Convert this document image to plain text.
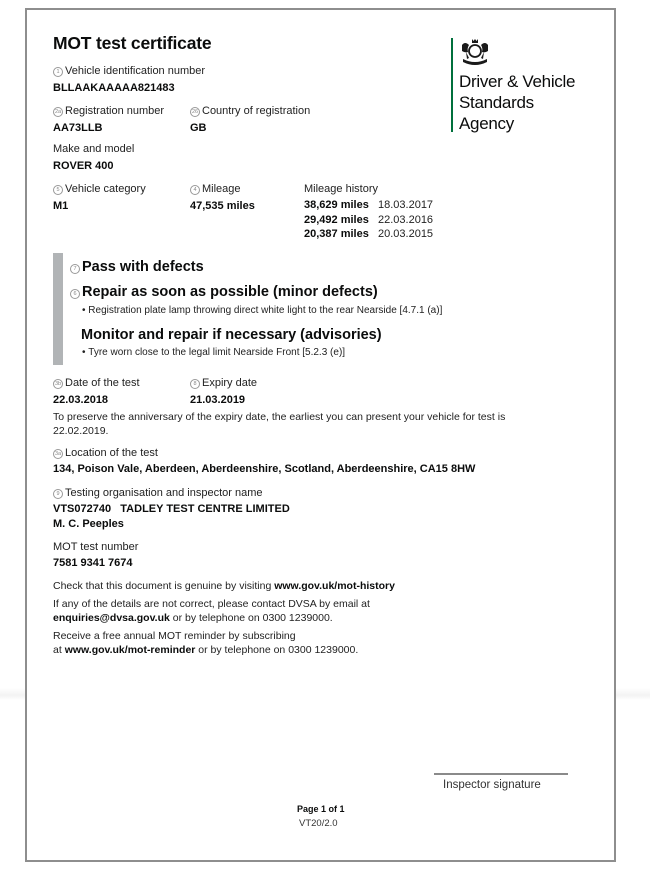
MOT test certificate
Driver & Vehicle
Standards
Agency
1 Vehicle identification number
BLLAAKAAAAA821483
2a Registration number
AA73LLB
26 Country of registration
GB
Make and model
ROVER 400
5 Vehicle category
M1
4 Mileage
47,535 miles
Mileage history
38,629 miles 18.03.2017
29,492 miles 22.03.2016
20,387 miles 20.03.2015
7 Pass with defects
6 Repair as soon as possible (minor defects)
• Registration plate lamp throwing direct white light to the rear Nearside [4.7.1 (a)]
Monitor and repair if necessary (advisories)
• Tyre worn close to the legal limit Nearside Front [5.2.3 (e)]
3b Date of the test
22.03.2018
8 Expiry date
21.03.2019
To preserve the anniversary of the expiry date, the earliest you can present your vehicle for test is
22.02.2019.
3a Location of the test
134, Poison Vale, Aberdeen, Aberdeenshire, Scotland, Aberdeenshire, CA15 8HW
9 Testing organisation and inspector name
VTS072740 TADLEY TEST CENTRE LIMITED
M. C. Peeples
MOT test number
7581 9341 7674
Check that this document is genuine by visiting www.gov.uk/mot-history
If any of the details are not correct, please contact DVSA by email at
enquiries@dvsa.gov.uk or by telephone on 0300 1239000.
Receive a free annual MOT reminder by subscribing
at www.gov.uk/mot-reminder or by telephone on 0300 1239000.
Inspector signature
Page 1 of 1
VT20/2.0
